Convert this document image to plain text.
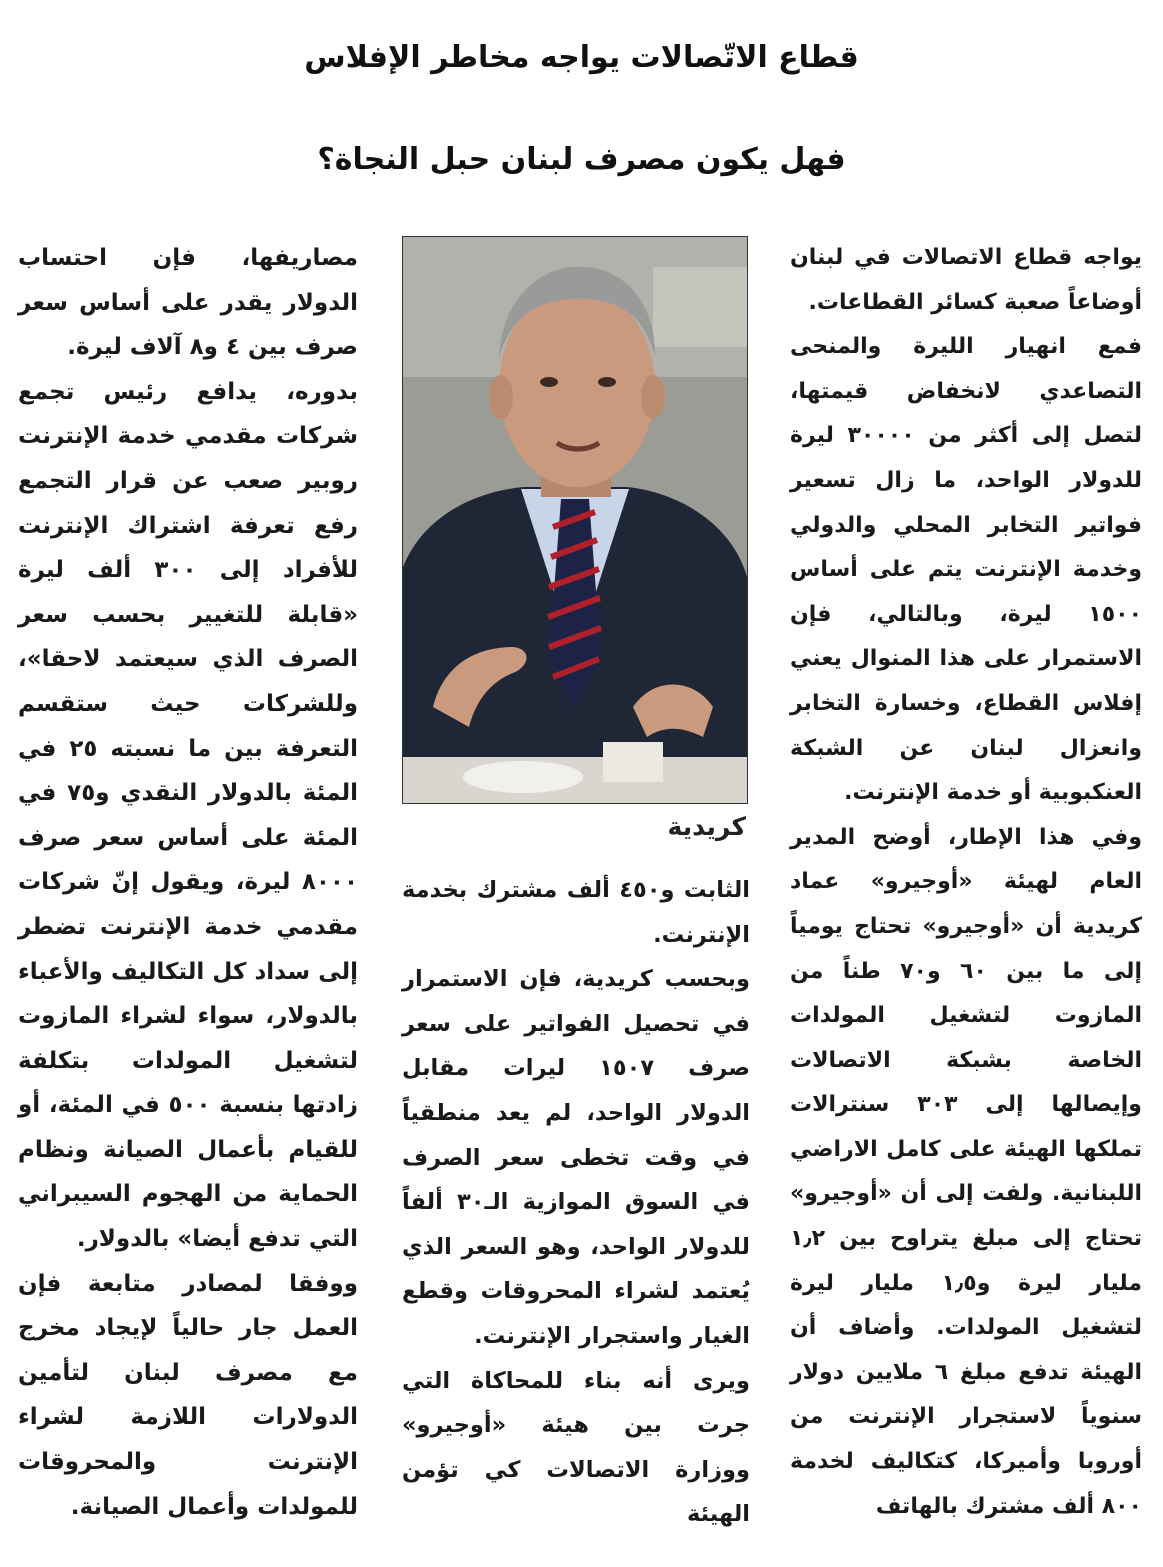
قطاع الاتّصالات يواجه مخاطر الإفلاس
فهل يكون مصرف لبنان حبل النجاة؟

يواجه قطاع الاتصالات في لبنان أوضاعاً صعبة كسائر القطاعات.

فمع انهيار الليرة والمنحى التصاعدي لانخفاض قيمتها، لتصل إلى أكثر من ٣٠٠٠٠ ليرة للدولار الواحد، ما زال تسعير فواتير التخابر المحلي والدولي وخدمة الإنترنت يتم على أساس ١٥٠٠ ليرة، وبالتالي، فإن الاستمرار على هذا المنوال يعني إفلاس القطاع، وخسارة التخابر وانعزال لبنان عن الشبكة العنكبوبية أو خدمة الإنترنت.

وفي هذا الإطار، أوضح المدير العام لهيئة «أوجيرو» عماد كريدية أن «أوجيرو» تحتاج يومياً إلى ما بين ٦٠ و٧٠ طناً من المازوت لتشغيل المولدات الخاصة بشبكة الاتصالات وإيصالها إلى ٣٠٣ سنترالات تملكها الهيئة على كامل الاراضي اللبنانية. ولفت إلى أن «أوجيرو» تحتاج إلى مبلغ يتراوح بين ١٫٢ مليار ليرة و١٫٥ مليار ليرة لتشغيل المولدات. وأضاف أن الهيئة تدفع مبلغ ٦ ملايين دولار سنوياً لاستجرار الإنترنت من أوروبا وأميركا، كتكاليف لخدمة ٨٠٠ ألف مشترك بالهاتف

كريدية

الثابت و٤٥٠ ألف مشترك بخدمة الإنترنت.

وبحسب كريدية، فإن الاستمرار في تحصيل الفواتير على سعر صرف ١٥٠٧ ليرات مقابل الدولار الواحد، لم يعد منطقياً في وقت تخطى سعر الصرف في السوق الموازية الـ٣٠ ألفاً للدولار الواحد، وهو السعر الذي يُعتمد لشراء المحروقات وقطع الغيار واستجرار الإنترنت.

ويرى أنه بناء للمحاكاة التي جرت بين هيئة «أوجيرو» ووزارة الاتصالات كي تؤمن الهيئة

مصاريفها، فإن احتساب الدولار يقدر على أساس سعر صرف بين ٤ و٨ آلاف ليرة.

بدوره، يدافع رئيس تجمع شركات مقدمي خدمة الإنترنت روبير صعب عن قرار التجمع رفع تعرفة اشتراك الإنترنت للأفراد إلى ٣٠٠ ألف ليرة «قابلة للتغيير بحسب سعر الصرف الذي سيعتمد لاحقا»، وللشركات حيث ستقسم التعرفة بين ما نسبته ٢٥ في المئة بالدولار النقدي و٧٥ في المئة على أساس سعر صرف ٨٠٠٠ ليرة، ويقول إنّ شركات مقدمي خدمة الإنترنت تضطر إلى سداد كل التكاليف والأعباء بالدولار، سواء لشراء المازوت لتشغيل المولدات بتكلفة زادتها بنسبة ٥٠٠ في المئة، أو للقيام بأعمال الصيانة ونظام الحماية من الهجوم السيبراني التي تدفع أيضا» بالدولار.

ووفقا لمصادر متابعة فإن العمل جار حالياً لإيجاد مخرج مع مصرف لبنان لتأمين الدولارات اللازمة لشراء الإنترنت والمحروقات للمولدات وأعمال الصيانة.
